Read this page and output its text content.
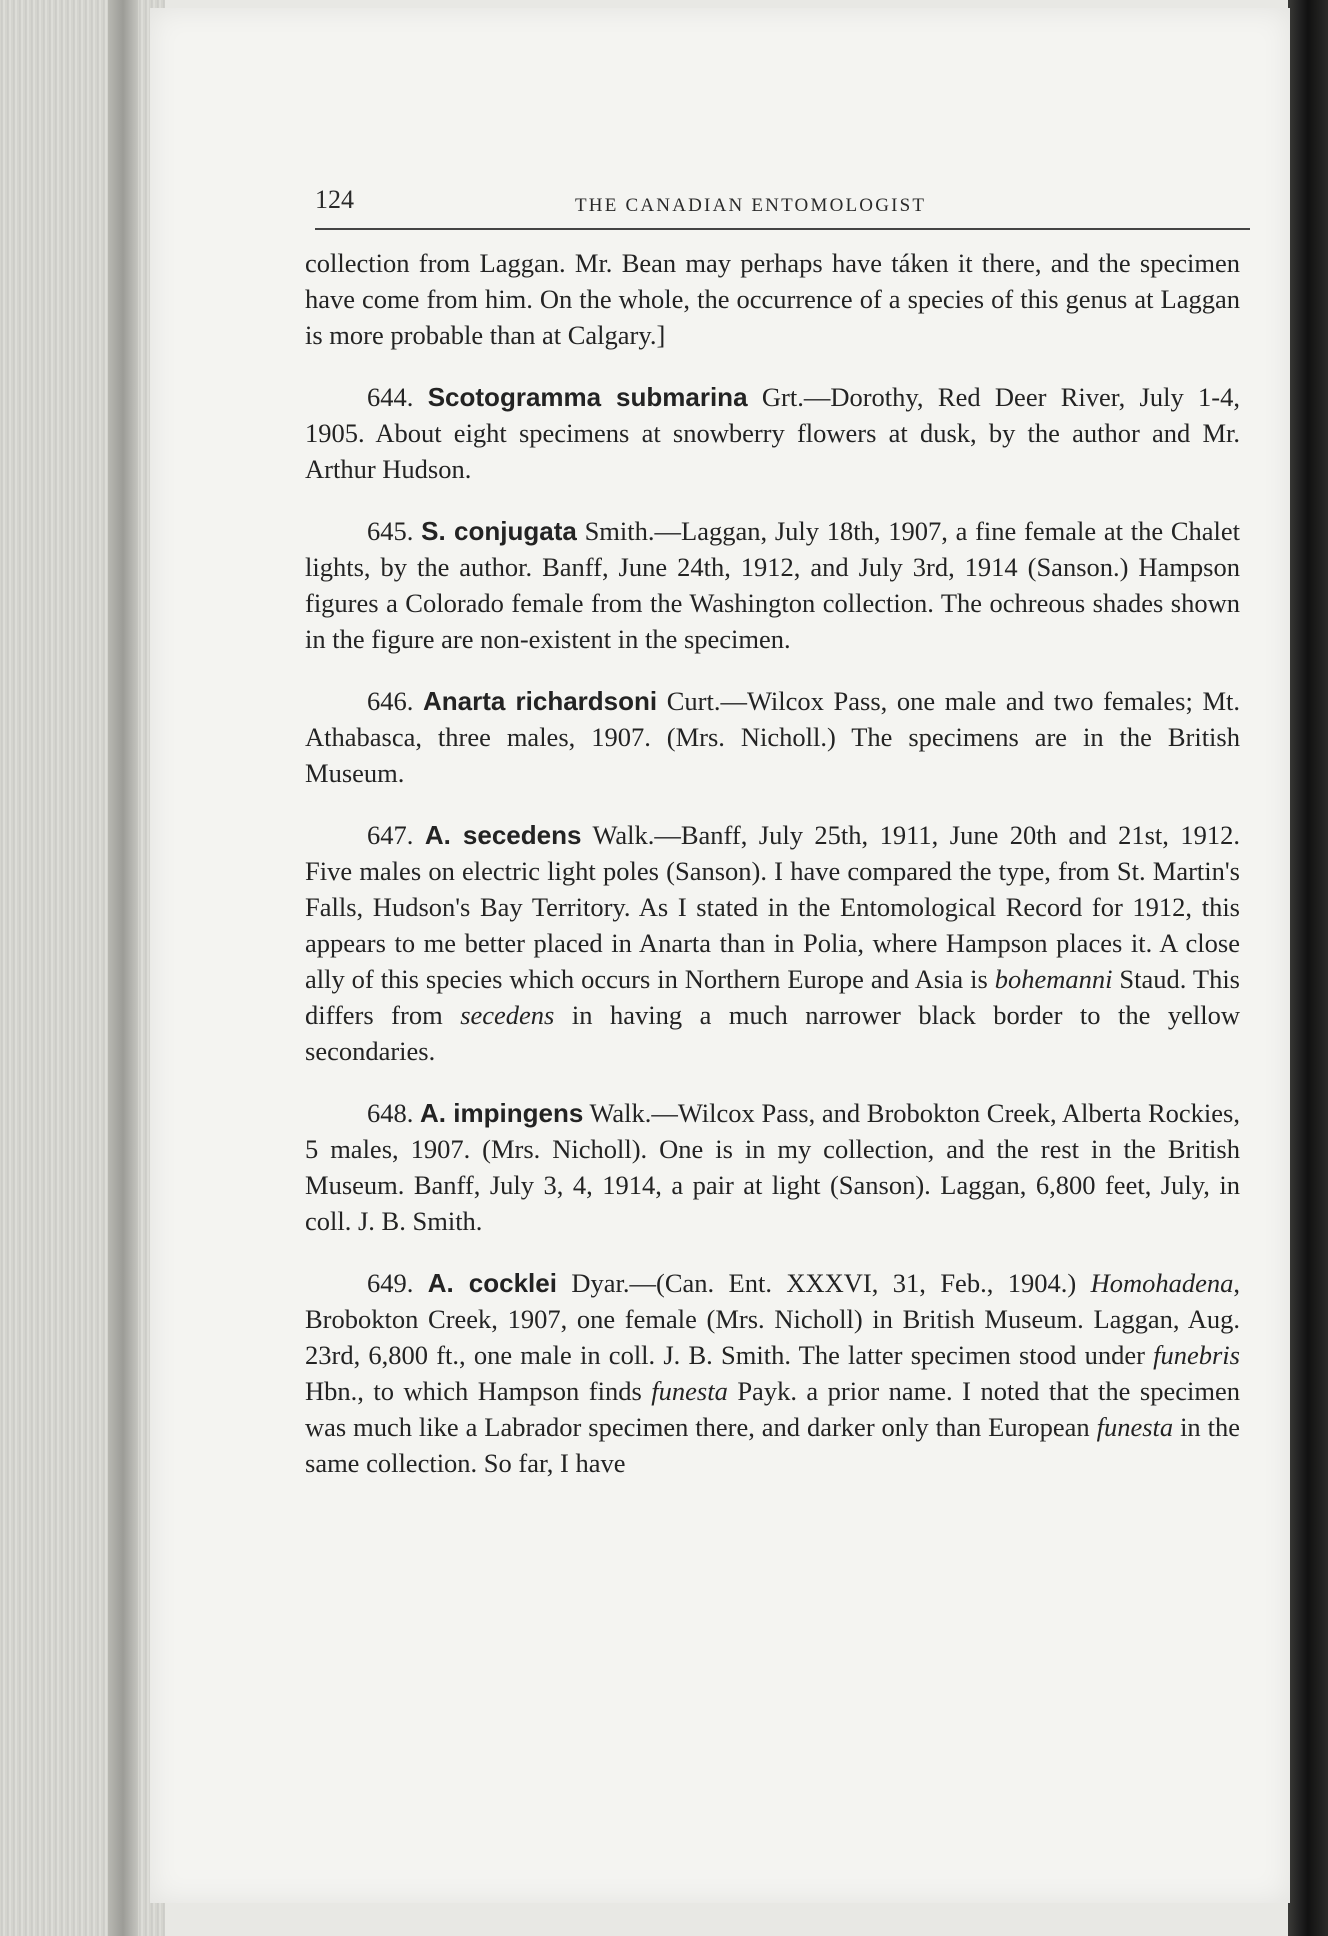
124	THE CANADIAN ENTOMOLOGIST

collection from Laggan. Mr. Bean may perhaps have táken it there, and the specimen have come from him. On the whole, the occurrence of a species of this genus at Laggan is more probable than at Calgary.]

644. Scotogramma submarina Grt.—Dorothy, Red Deer River, July 1-4, 1905. About eight specimens at snowberry flowers at dusk, by the author and Mr. Arthur Hudson.

645. S. conjugata Smith.—Laggan, July 18th, 1907, a fine female at the Chalet lights, by the author. Banff, June 24th, 1912, and July 3rd, 1914 (Sanson.) Hampson figures a Colorado female from the Washington collection. The ochreous shades shown in the figure are non-existent in the specimen.

646. Anarta richardsoni Curt.—Wilcox Pass, one male and two females; Mt. Athabasca, three males, 1907. (Mrs. Nicholl.) The specimens are in the British Museum.

647. A. secedens Walk.—Banff, July 25th, 1911, June 20th and 21st, 1912. Five males on electric light poles (Sanson). I have compared the type, from St. Martin's Falls, Hudson's Bay Territory. As I stated in the Entomological Record for 1912, this appears to me better placed in Anarta than in Polia, where Hampson places it. A close ally of this species which occurs in Northern Europe and Asia is bohemanni Staud. This differs from secedens in having a much narrower black border to the yellow secondaries.

648. A. impingens Walk.—Wilcox Pass, and Brobokton Creek, Alberta Rockies, 5 males, 1907. (Mrs. Nicholl). One is in my collection, and the rest in the British Museum. Banff, July 3, 4, 1914, a pair at light (Sanson). Laggan, 6,800 feet, July, in coll. J. B. Smith.

649. A. cocklei Dyar.—(Can. Ent. XXXVI, 31, Feb., 1904.) Homohadena, Brobokton Creek, 1907, one female (Mrs. Nicholl) in British Museum. Laggan, Aug. 23rd, 6,800 ft., one male in coll. J. B. Smith. The latter specimen stood under funebris Hbn., to which Hampson finds funesta Payk. a prior name. I noted that the specimen was much like a Labrador specimen there, and darker only than European funesta in the same collection. So far, I have
